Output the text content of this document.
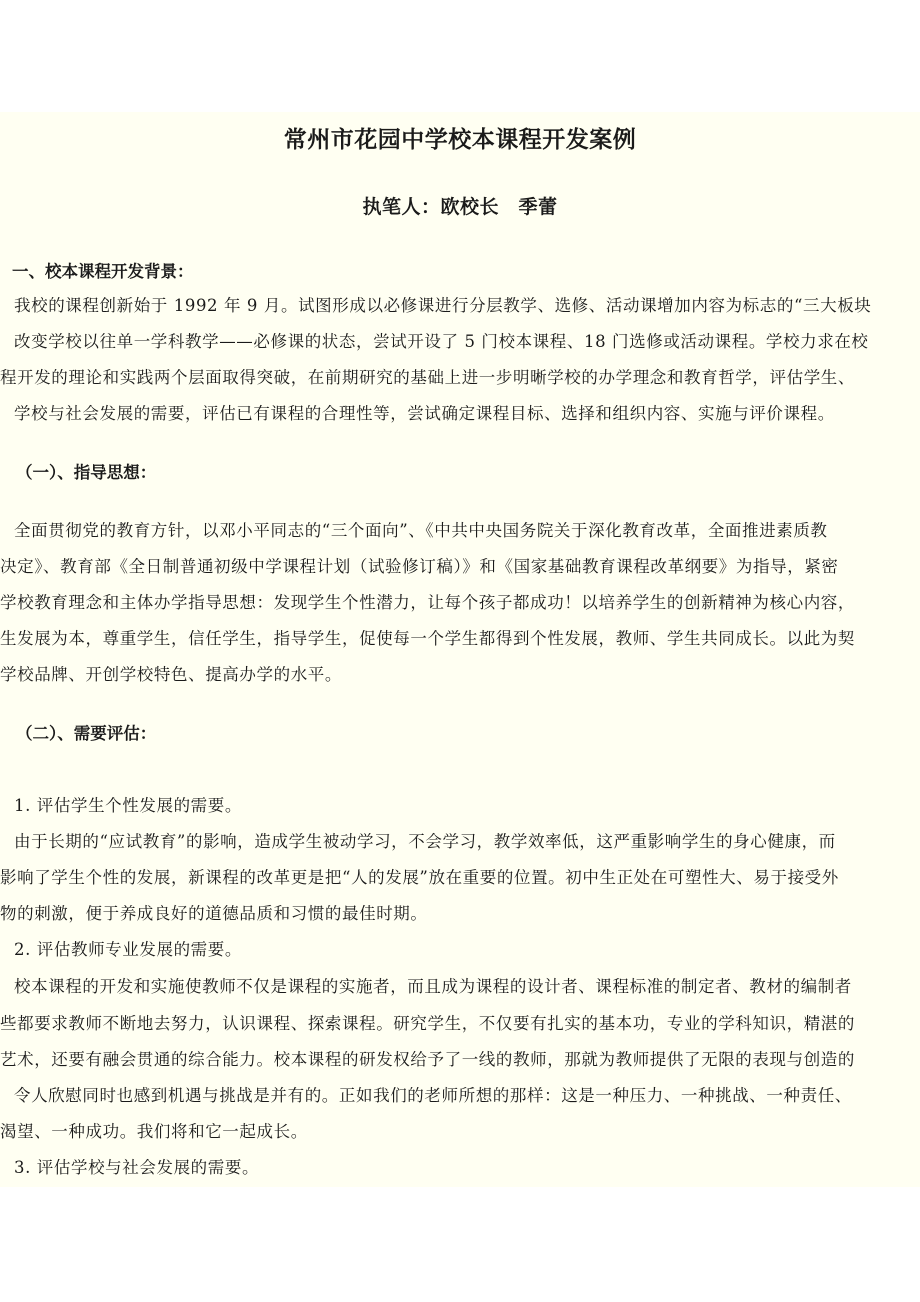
常州市花园中学校本课程开发案例
执笔人：欧校长　季蕾
一、校本课程开发背景：
我校的课程创新始于 1992 年 9 月。试图形成以必修课进行分层教学、选修、活动课增加内容为标志的“三大板块
改变学校以往单一学科教学——必修课的状态，尝试开设了 5 门校本课程、18 门选修或活动课程。学校力求在校
程开发的理论和实践两个层面取得突破，在前期研究的基础上进一步明晰学校的办学理念和教育哲学，评估学生、
学校与社会发展的需要，评估已有课程的合理性等，尝试确定课程目标、选择和组织内容、实施与评价课程。
（一）、指导思想：
全面贯彻党的教育方针，以邓小平同志的“三个面向”、《中共中央国务院关于深化教育改革，全面推进素质教
决定》、教育部《全日制普通初级中学课程计划（试验修订稿）》和《国家基础教育课程改革纲要》为指导，紧密
学校教育理念和主体办学指导思想：发现学生个性潜力，让每个孩子都成功！以培养学生的创新精神为核心内容，
生发展为本，尊重学生，信任学生，指导学生，促使每一个学生都得到个性发展，教师、学生共同成长。以此为契
学校品牌、开创学校特色、提高办学的水平。
（二）、需要评估：
1. 评估学生个性发展的需要。
由于长期的“应试教育”的影响，造成学生被动学习，不会学习，教学效率低，这严重影响学生的身心健康，而
影响了学生个性的发展，新课程的改革更是把“人的发展”放在重要的位置。初中生正处在可塑性大、易于接受外
物的刺激，便于养成良好的道德品质和习惯的最佳时期。
2. 评估教师专业发展的需要。
校本课程的开发和实施使教师不仅是课程的实施者，而且成为课程的设计者、课程标准的制定者、教材的编制者
些都要求教师不断地去努力，认识课程、探索课程。研究学生，不仅要有扎实的基本功，专业的学科知识，精湛的
艺术，还要有融会贯通的综合能力。校本课程的研发权给予了一线的教师，那就为教师提供了无限的表现与创造的
令人欣慰同时也感到机遇与挑战是并有的。正如我们的老师所想的那样：这是一种压力、一种挑战、一种责任、
渴望、一种成功。我们将和它一起成长。
3. 评估学校与社会发展的需要。
